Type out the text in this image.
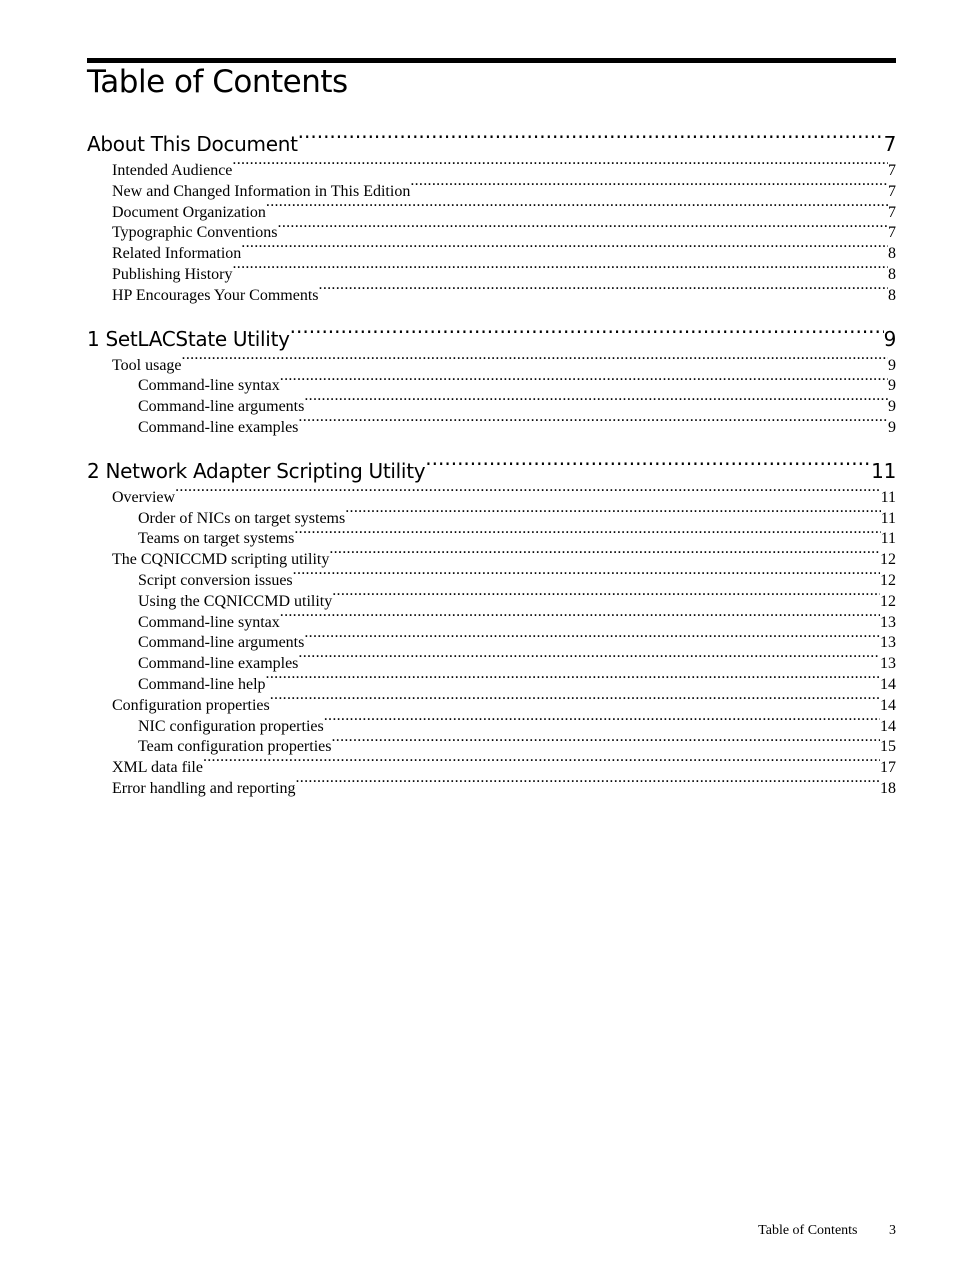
Table of Contents
About This Document .....	7
Intended Audience .....	7
New and Changed Information in This Edition .....	7
Document Organization .....	7
Typographic Conventions .....	7
Related Information .....	8
Publishing History .....	8
HP Encourages Your Comments .....	8
1 SetLACState Utility .....	9
Tool usage .....	9
Command-line syntax .....	9
Command-line arguments .....	9
Command-line examples .....	9
2 Network Adapter Scripting Utility .....	11
Overview .....	11
Order of NICs on target systems .....	11
Teams on target systems .....	11
The CQNICCMD scripting utility .....	12
Script conversion issues .....	12
Using the CQNICCMD utility .....	12
Command-line syntax .....	13
Command-line arguments .....	13
Command-line examples .....	13
Command-line help .....	14
Configuration properties .....	14
NIC configuration properties .....	14
Team configuration properties .....	15
XML data file .....	17
Error handling and reporting .....	18
Table of Contents 3
